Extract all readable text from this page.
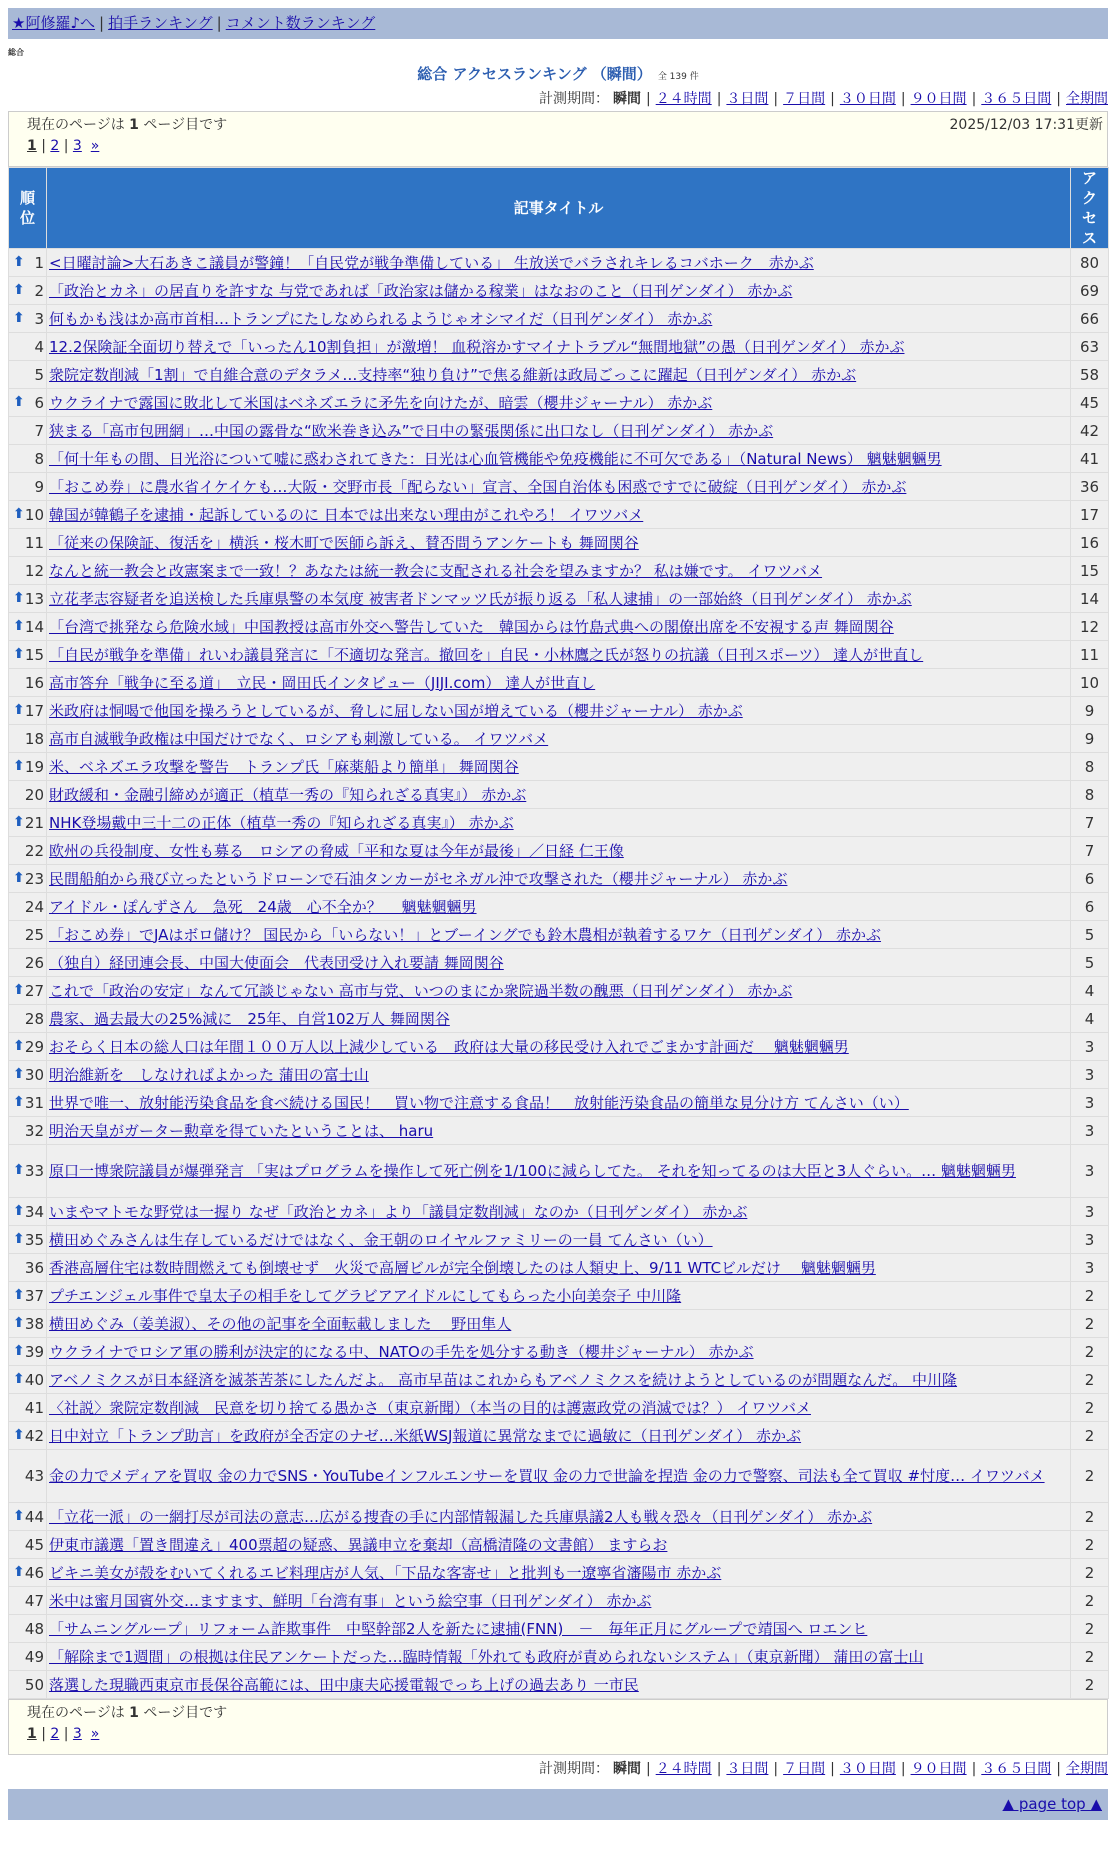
★阿修羅♪へ | 拍手ランキング | コメント数ランキング
総合
総合 アクセスランキング （瞬間） 全 139 件
計測期間： 瞬間 | ２４時間 | ３日間 | ７日間 | ３０日間 | ９０日間 | ３６５日間 | 全期間
現在のページは 1 ページ目です	2025/12/03 17:31更新
1 | 2 | 3 »
順位	記事タイトル	アクセス

⬆ 1	<日曜討論>大石あきこ議員が警鐘！「自民党が戦争準備している」 生放送でバラされキレるコバホーク　赤かぶ	80

⬆ 2	「政治とカネ」の居直りを許すな 与党であれば「政治家は儲かる稼業」はなおのこと（日刊ゲンダイ） 赤かぶ	69

⬆ 3	何もかも浅はか高市首相…トランプにたしなめられるようじゃオシマイだ（日刊ゲンダイ） 赤かぶ	66
4	12.2保険証全面切り替えで「いったん10割負担」が激増！ 血税溶かすマイナトラブル“無間地獄”の愚（日刊ゲンダイ） 赤かぶ	63
5	衆院定数削減「1割」で自維合意のデタラメ…支持率“独り負け”で焦る維新は政局ごっこに躍起（日刊ゲンダイ） 赤かぶ	58

⬆ 6	ウクライナで露国に敗北して米国はベネズエラに矛先を向けたが、暗雲（櫻井ジャーナル） 赤かぶ	45
7	狭まる「高市包囲網」…中国の露骨な“欧米巻き込み”で日中の緊張関係に出口なし（日刊ゲンダイ） 赤かぶ	42
8	「何十年もの間、日光浴について嘘に惑わされてきた：日光は心血管機能や免疫機能に不可欠である」（Natural News） 魑魅魍魎男	41
9	「おこめ券」に農水省イケイケも…大阪・交野市長「配らない」宣言、全国自治体も困惑ですでに破綻（日刊ゲンダイ） 赤かぶ	36

⬆ 10	韓国が韓鶴子を逮捕・起訴しているのに 日本では出来ない理由がこれやろ！ イワツバメ	17
11	「従来の保険証、復活を」横浜・桜木町で医師ら訴え、賛否問うアンケートも 舞岡関谷	16
12	なんと統一教会と改憲案まで一致！？あなたは統一教会に支配される社会を望みますか？ 私は嫌です。 イワツバメ	15

⬆ 13	立花孝志容疑者を追送検した兵庫県警の本気度 被害者ドンマッツ氏が振り返る「私人逮捕」の一部始終（日刊ゲンダイ） 赤かぶ	14

⬆ 14	「台湾で挑発なら危険水域」中国教授は高市外交へ警告していた　韓国からは竹島式典への閣僚出席を不安視する声 舞岡関谷	12

⬆ 15	「自民が戦争を準備」れいわ議員発言に「不適切な発言。撤回を」自民・小林鷹之氏が怒りの抗議（日刊スポーツ） 達人が世直し	11
16	高市答弁「戦争に至る道」　立民・岡田氏インタビュー（JIJI.com） 達人が世直し	10

⬆ 17	米政府は恫喝で他国を操ろうとしているが、脅しに屈しない国が増えている（櫻井ジャーナル） 赤かぶ	9
18	高市自滅戦争政権は中国だけでなく、ロシアも刺激している。 イワツバメ	9

⬆ 19	米、ベネズエラ攻撃を警告　トランプ氏「麻薬船より簡単」 舞岡関谷	8
20	財政緩和・金融引締めが適正（植草一秀の『知られざる真実』） 赤かぶ	8

⬆ 21	NHK登場戴中三十二の正体（植草一秀の『知られざる真実』） 赤かぶ	7
22	欧州の兵役制度、女性も募る　ロシアの脅威「平和な夏は今年が最後」／日経 仁王像	7

⬆ 23	民間船舶から飛び立ったというドローンで石油タンカーがセネガル沖で攻撃された（櫻井ジャーナル） 赤かぶ	6
24	アイドル・ぽんずさん　急死　24歳　心不全か？　 魑魅魍魎男	6
25	「おこめ券」でJAはボロ儲け？ 国民から「いらない！」とブーイングでも鈴木農相が執着するワケ（日刊ゲンダイ） 赤かぶ	5
26	（独自）経団連会長、中国大使面会　代表団受け入れ要請 舞岡関谷	5

⬆ 27	これで「政治の安定」なんて冗談じゃない 高市与党、いつのまにか衆院過半数の醜悪（日刊ゲンダイ） 赤かぶ	4
28	農家、過去最大の25%減に　25年、自営102万人 舞岡関谷	4

⬆ 29	おそらく日本の総人口は年間１００万人以上減少している　政府は大量の移民受け入れでごまかす計画だ　 魑魅魍魎男	3

⬆ 30	明治維新を　しなければよかった 蒲田の富士山	3

⬆ 31	世界で唯一、放射能汚染食品を食べ続ける国民！　買い物で注意する食品！　放射能汚染食品の簡単な見分け方 てんさい（い）	3
32	明治天皇がガーター勲章を得ていたということは、 haru	3

⬆ 33	原口一博衆院議員が爆弾発言 「実はプログラムを操作して死亡例を1/100に減らしてた。 それを知ってるのは大臣と3人ぐらい。… 魑魅魍魎男	3

⬆ 34	いまやマトモな野党は一握り なぜ「政治とカネ」より「議員定数削減」なのか（日刊ゲンダイ） 赤かぶ	3

⬆ 35	横田めぐみさんは生存しているだけではなく、金王朝のロイヤルファミリーの一員 てんさい（い）	3
36	香港高層住宅は数時間燃えても倒壊せず　火災で高層ビルが完全倒壊したのは人類史上、9/11 WTCビルだけ　 魑魅魍魎男	3

⬆ 37	プチエンジェル事件で皇太子の相手をしてグラビアアイドルにしてもらった小向美奈子 中川隆	2

⬆ 38	横田めぐみ（姜美淑）、その他の記事を全面転載しました　 野田隼人	2

⬆ 39	ウクライナでロシア軍の勝利が決定的になる中、NATOの手先を処分する動き（櫻井ジャーナル） 赤かぶ	2

⬆ 40	アベノミクスが日本経済を滅茶苦茶にしたんだよ。 高市早苗はこれからもアベノミクスを続けようとしているのが問題なんだ。 中川隆	2
41	〈社説〉衆院定数削減　民意を切り捨てる愚かさ（東京新聞）（本当の目的は護憲政党の消滅では？） イワツバメ	2

⬆ 42	日中対立「トランプ助言」を政府が全否定のナゼ…米紙WSJ報道に異常なまでに過敏に（日刊ゲンダイ） 赤かぶ	2
43	金の力でメディアを買収 金の力でSNS・YouTubeインフルエンサーを買収 金の力で世論を捏造 金の力で警察、司法も全て買収 #忖度… イワツバメ	2

⬆ 44	「立花一派」の一網打尽が司法の意志…広がる捜査の手に内部情報漏した兵庫県議2人も戦々恐々（日刊ゲンダイ） 赤かぶ	2
45	伊東市議選「置き間違え」400票超の疑惑、異議申立を棄却（高橋清隆の文書館） ますらお	2

⬆ 46	ビキニ美女が殻をむいてくれるエビ料理店が人気、「下品な客寄せ」と批判も一遼寧省瀋陽市 赤かぶ	2
47	米中は蜜月国賓外交…ますます、鮮明「台湾有事」という絵空事（日刊ゲンダイ） 赤かぶ	2
48	「サムニングループ」リフォーム詐欺事件　中堅幹部2人を新たに逮捕(FNN)　－　毎年正月にグループで靖国へ ロエンヒ	2
49	「解除まで1週間」の根拠は住民アンケートだった…臨時情報「外れても政府が責められないシステム」（東京新聞） 蒲田の富士山	2
50	落選した現職西東京市長保谷高範には、田中康夫応援電報でっち上げの過去あり 一市民	2
現在のページは 1 ページ目です
1 | 2 | 3 »
計測期間： 瞬間 | ２４時間 | ３日間 | ７日間 | ３０日間 | ９０日間 | ３６５日間 | 全期間
▲ page top ▲
